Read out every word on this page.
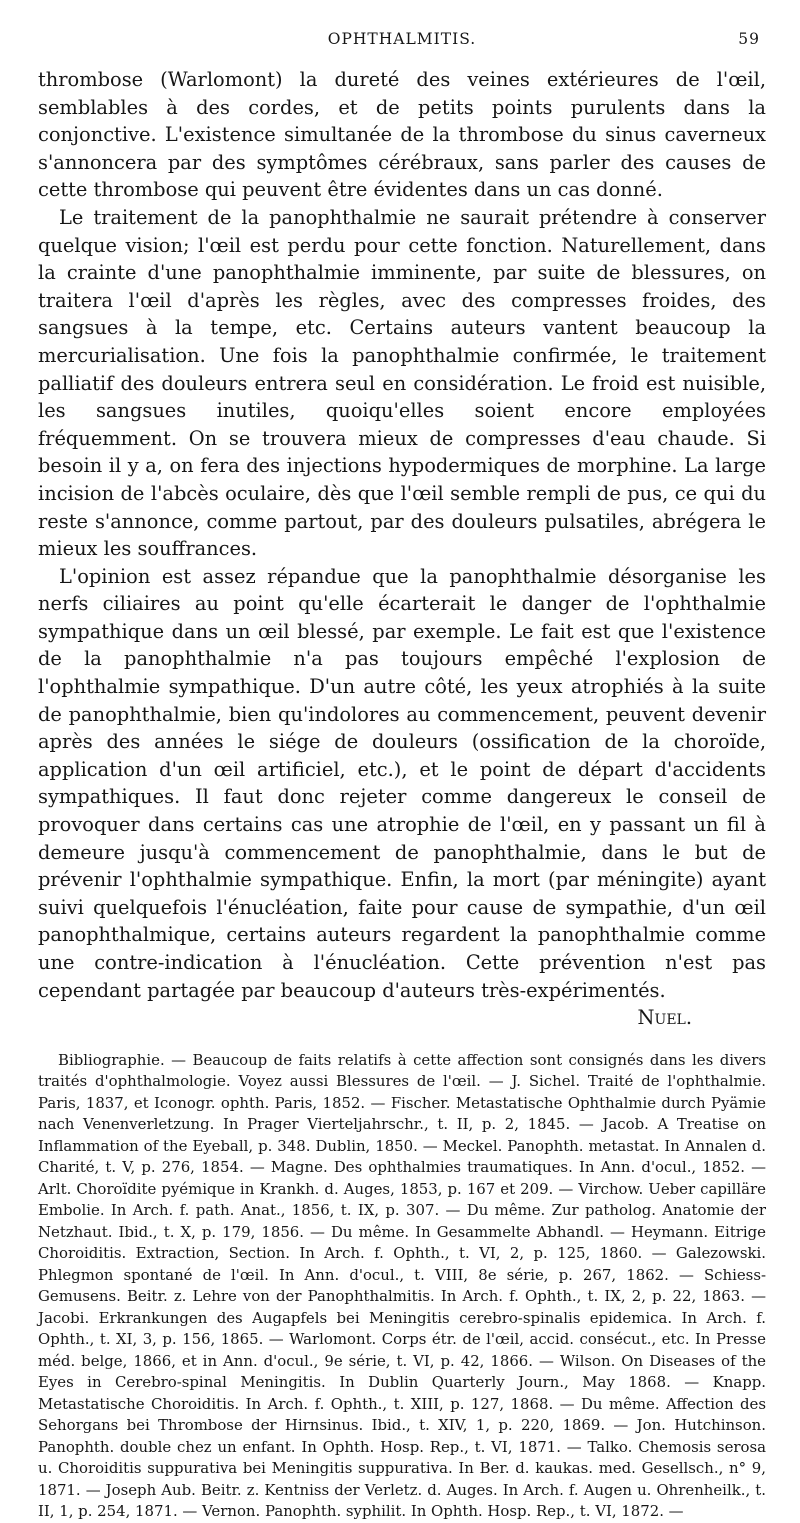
OPHTHALMITIS.	59

thrombose (Warlomont) la dureté des veines extérieures de l'œil, semblables à des cordes, et de petits points purulents dans la conjonctive. L'existence simultanée de la thrombose du sinus caverneux s'annoncera par des symptômes cérébraux, sans parler des causes de cette thrombose qui peuvent être évidentes dans un cas donné.

Le traitement de la panophthalmie ne saurait prétendre à conserver quelque vision; l'œil est perdu pour cette fonction. Naturellement, dans la crainte d'une panophthalmie imminente, par suite de blessures, on traitera l'œil d'après les règles, avec des compresses froides, des sangsues à la tempe, etc. Certains auteurs vantent beaucoup la mercurialisation. Une fois la panophthalmie confirmée, le traitement palliatif des douleurs entrera seul en considération. Le froid est nuisible, les sangsues inutiles, quoiqu'elles soient encore employées fréquemment. On se trouvera mieux de compresses d'eau chaude. Si besoin il y a, on fera des injections hypodermiques de morphine. La large incision de l'abcès oculaire, dès que l'œil semble rempli de pus, ce qui du reste s'annonce, comme partout, par des douleurs pulsatiles, abrégera le mieux les souffrances.

L'opinion est assez répandue que la panophthalmie désorganise les nerfs ciliaires au point qu'elle écarterait le danger de l'ophthalmie sympathique dans un œil blessé, par exemple. Le fait est que l'existence de la panophthalmie n'a pas toujours empêché l'explosion de l'ophthalmie sympathique. D'un autre côté, les yeux atrophiés à la suite de panophthalmie, bien qu'indolores au commencement, peuvent devenir après des années le siége de douleurs (ossification de la choroïde, application d'un œil artificiel, etc.), et le point de départ d'accidents sympathiques. Il faut donc rejeter comme dangereux le conseil de provoquer dans certains cas une atrophie de l'œil, en y passant un fil à demeure jusqu'à commencement de panophthalmie, dans le but de prévenir l'ophthalmie sympathique. Enfin, la mort (par méningite) ayant suivi quelquefois l'énucléation, faite pour cause de sympathie, d'un œil panophthalmique, certains auteurs regardent la panophthalmie comme une contre-indication à l'énucléation. Cette prévention n'est pas cependant partagée par beaucoup d'auteurs très-expérimentés.

Nuel.
Bibliographie. — Beaucoup de faits relatifs à cette affection sont consignés dans les divers traités d'ophthalmologie. Voyez aussi Blessures de l'œil. — J. Sichel. Traité de l'ophthalmie. Paris, 1837, et Iconogr. ophth. Paris, 1852. — Fischer. Metastatische Ophthalmie durch Pyämie nach Venenverletzung. In Prager Vierteljahrschr., t. II, p. 2, 1845. — Jacob. A Treatise on Inflammation of the Eyeball, p. 348. Dublin, 1850. — Meckel. Panophth. metastat. In Annalen d. Charité, t. V, p. 276, 1854. — Magne. Des ophthalmies traumatiques. In Ann. d'ocul., 1852. — Arlt. Choroïdite pyémique in Krankh. d. Auges, 1853, p. 167 et 209. — Virchow. Ueber capilläre Embolie. In Arch. f. path. Anat., 1856, t. IX, p. 307. — Du même. Zur patholog. Anatomie der Netzhaut. Ibid., t. X, p. 179, 1856. — Du même. In Gesammelte Abhandl. — Heymann. Eitrige Choroiditis. Extraction, Section. In Arch. f. Ophth., t. VI, 2, p. 125, 1860. — Galezowski. Phlegmon spontané de l'œil. In Ann. d'ocul., t. VIII, 8e série, p. 267, 1862. — Schiess-Gemusens. Beitr. z. Lehre von der Panophthalmitis. In Arch. f. Ophth., t. IX, 2, p. 22, 1863. — Jacobi. Erkrankungen des Augapfels bei Meningitis cerebro-spinalis epidemica. In Arch. f. Ophth., t. XI, 3, p. 156, 1865. — Warlomont. Corps étr. de l'œil, accid. consécut., etc. In Presse méd. belge, 1866, et in Ann. d'ocul., 9e série, t. VI, p. 42, 1866. — Wilson. On Diseases of the Eyes in Cerebro-spinal Meningitis. In Dublin Quarterly Journ., May 1868. — Knapp. Metastatische Choroiditis. In Arch. f. Ophth., t. XIII, p. 127, 1868. — Du même. Affection des Sehorgans bei Thrombose der Hirnsinus. Ibid., t. XIV, 1, p. 220, 1869. — Jon. Hutchinson. Panophth. double chez un enfant. In Ophth. Hosp. Rep., t. VI, 1871. — Talko. Chemosis serosa u. Choroiditis suppurativa bei Meningitis suppurativa. In Ber. d. kaukas. med. Gesellsch., n° 9, 1871. — Joseph Aub. Beitr. z. Kentniss der Verletz. d. Auges. In Arch. f. Augen u. Ohrenheilk., t. II, 1, p. 254, 1871. — Vernon. Panophth. syphilit. In Ophth. Hosp. Rep., t. VI, 1872. —
